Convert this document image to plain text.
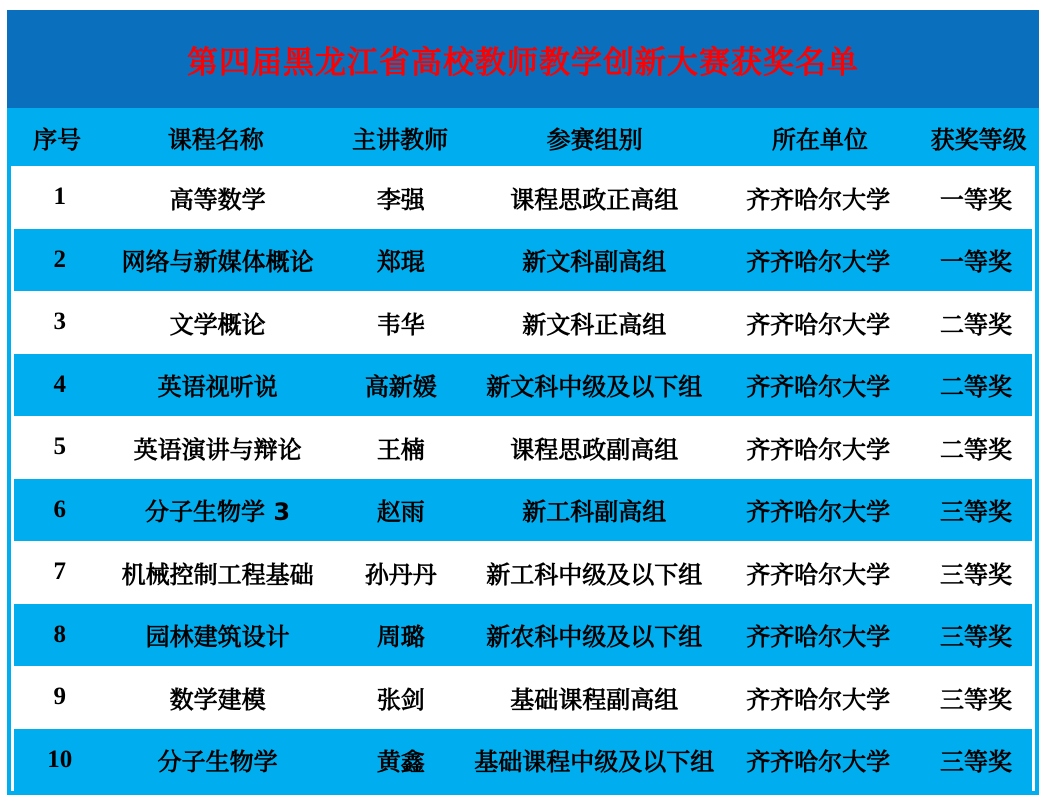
第四届黑龙江省高校教师教学创新大赛获奖名单
序号	课程名称	主讲教师	参赛组别	所在单位	获奖等级
1	高等数学	李强	课程思政正高组	齐齐哈尔大学	一等奖
2	网络与新媒体概论	郑琨	新文科副高组	齐齐哈尔大学	一等奖
3	文学概论	韦华	新文科正高组	齐齐哈尔大学	二等奖
4	英语视听说	高新媛	新文科中级及以下组	齐齐哈尔大学	二等奖
5	英语演讲与辩论	王楠	课程思政副高组	齐齐哈尔大学	二等奖
6	分子生物学 3	赵雨	新工科副高组	齐齐哈尔大学	三等奖
7	机械控制工程基础	孙丹丹	新工科中级及以下组	齐齐哈尔大学	三等奖
8	园林建筑设计	周璐	新农科中级及以下组	齐齐哈尔大学	三等奖
9	数学建模	张剑	基础课程副高组	齐齐哈尔大学	三等奖
10	分子生物学	黄鑫	基础课程中级及以下组	齐齐哈尔大学	三等奖
